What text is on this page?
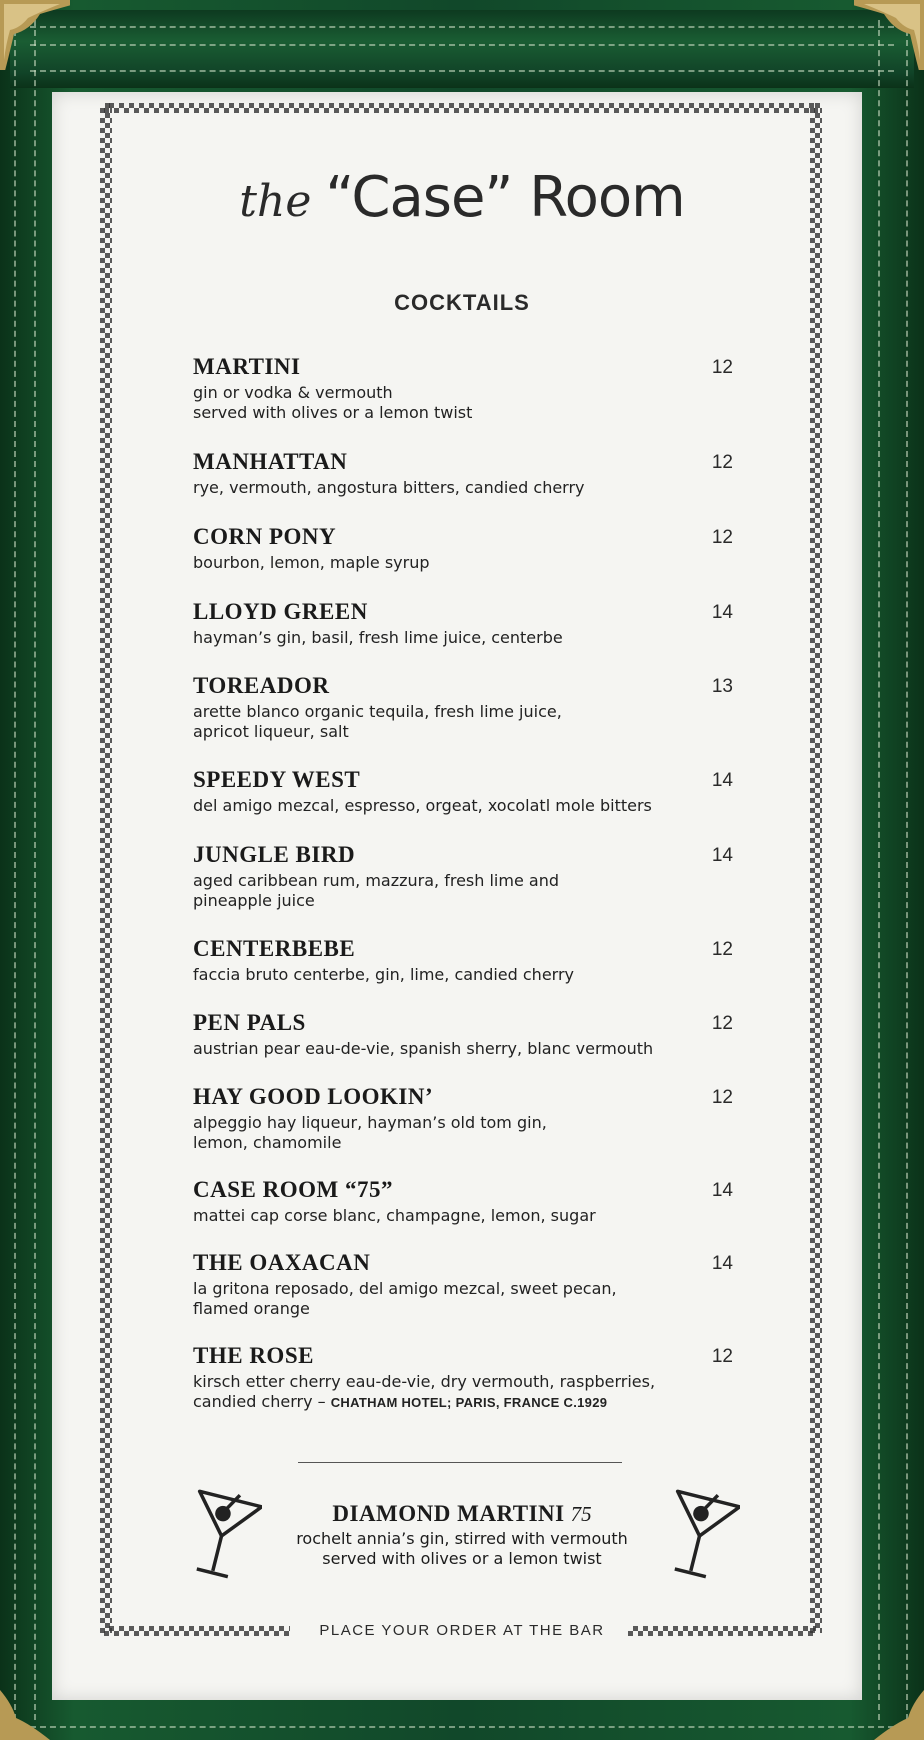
the “Case” Room
COCKTAILS
MARTINI	12
gin or vodka & vermouth
served with olives or a lemon twist
MANHATTAN	12
rye, vermouth, angostura bitters, candied cherry
CORN PONY	12
bourbon, lemon, maple syrup
LLOYD GREEN	14
hayman’s gin, basil, fresh lime juice, centerbe
TOREADOR	13
arette blanco organic tequila, fresh lime juice,
apricot liqueur, salt
SPEEDY WEST	14
del amigo mezcal, espresso, orgeat, xocolatl mole bitters
JUNGLE BIRD	14
aged caribbean rum, mazzura, fresh lime and
pineapple juice
CENTERBEBE	12
faccia bruto centerbe, gin, lime, candied cherry
PEN PALS	12
austrian pear eau-de-vie, spanish sherry, blanc vermouth
HAY GOOD LOOKIN’	12
alpeggio hay liqueur, hayman’s old tom gin,
lemon, chamomile
CASE ROOM “75”	14
mattei cap corse blanc, champagne, lemon, sugar
THE OAXACAN	14
la gritona reposado, del amigo mezcal, sweet pecan,
flamed orange
THE ROSE	12
kirsch etter cherry eau-de-vie, dry vermouth, raspberries,
candied cherry – CHATHAM HOTEL; PARIS, FRANCE C.1929
DIAMOND MARTINI 75
rochelt annia’s gin, stirred with vermouth
served with olives or a lemon twist
PLACE YOUR ORDER AT THE BAR
